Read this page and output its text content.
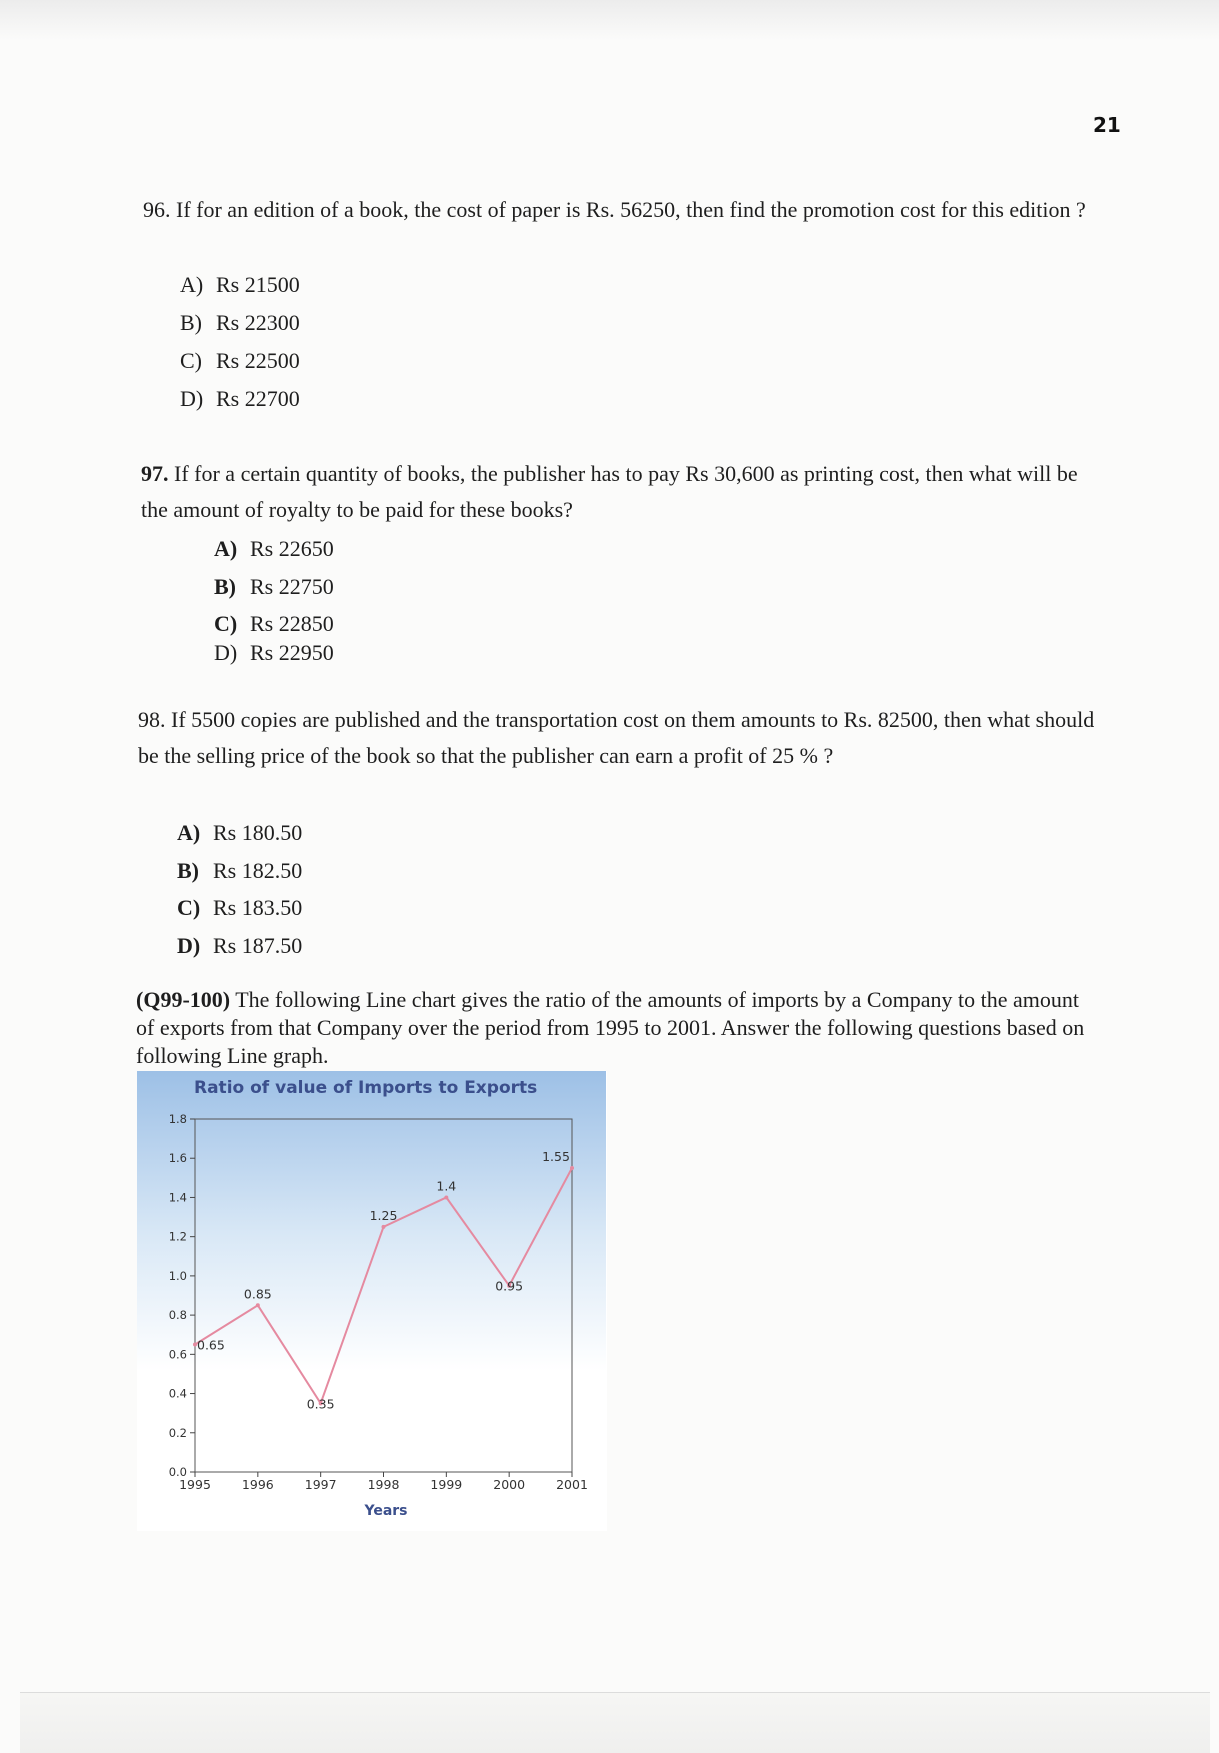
21
96. If for an edition of a book, the cost of paper is Rs. 56250, then find the promotion cost for this edition ?
A) Rs 21500
B) Rs 22300
C) Rs 22500
D) Rs 22700
97. If for a certain quantity of books, the publisher has to pay Rs 30,600 as printing cost, then what will be the amount of royalty to be paid for these books?
A) Rs 22650
B) Rs 22750
C) Rs 22850
D) Rs 22950
98. If 5500 copies are published and the transportation cost on them amounts to Rs. 82500, then what should be the selling price of the book so that the publisher can earn a profit of 25 % ?
A) Rs 180.50
B) Rs 182.50
C) Rs 183.50
D) Rs 187.50
(Q99-100) The following Line chart gives the ratio of the amounts of imports by a Company to the amount of exports from that Company over the period from 1995 to 2001. Answer the following questions based on following Line graph.
Ratio of value of Imports to Exports
0.0
0.2
0.4
0.6
0.8
1.0
1.2
1.4
1.6
1.8
1995 1996 1997 1998 1999 2000 2001
0.65
0.85
0.35
1.25
1.4
0.95
1.55
Years
